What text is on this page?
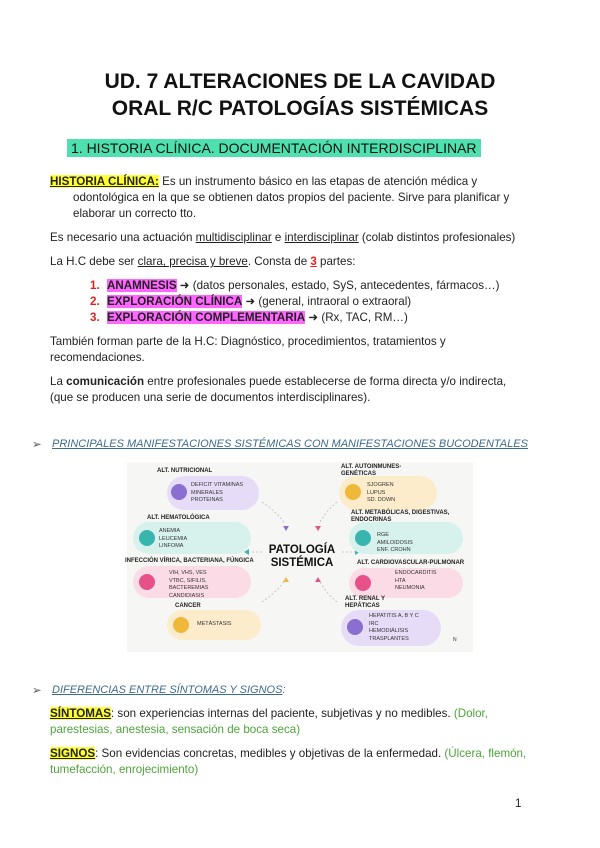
UD. 7 ALTERACIONES DE LA CAVIDAD
ORAL R/C PATOLOGÍAS SISTÉMICAS
1. HISTORIA CLÍNICA. DOCUMENTACIÓN INTERDISCIPLINAR
HISTORIA CLÍNICA: Es un instrumento básico en las etapas de atención médica y
odontológica en la que se obtienen datos propios del paciente. Sirve para planificar y
elaborar un correcto tto.
Es necesario una actuación multidisciplinar e interdisciplinar (colab distintos profesionales)
La H.C debe ser clara, precisa y breve. Consta de 3 partes:
1. ANAMNESIS ➜ (datos personales, estado, SyS, antecedentes, fármacos…)
2. EXPLORACIÓN CLÍNICA ➜ (general, intraoral o extraoral)
3. EXPLORACIÓN COMPLEMENTARIA ➜ (Rx, TAC, RM…)
También forman parte de la H.C: Diagnóstico, procedimientos, tratamientos y
recomendaciones.
La comunicación entre profesionales puede establecerse de forma directa y/o indirecta,
(que se producen una serie de documentos interdisciplinares).
➢ PRINCIPALES MANIFESTACIONES SISTÉMICAS CON MANIFESTACIONES BUCODENTALES
ALT. NUTRICIONAL
DEFICIT VITAMINAS
MINERALES
PROTEINAS
ALT. HEMATOLÓGICA
ANEMIA
LEUCEMIA
LINFOMA
INFECCIÓN VÍRICA, BACTERIANA, FÚNGICA
VIH, VHS, VES
VTBC, SIFILIS,
BACTEREMIAS
CANDIDIASIS
CANCER
METÁSTASIS
PATOLOGÍA SISTÉMICA
ALT. AUTOINMUNES- GENÉTICAS
SJOGREN
LUPUS
SD. DOWN
ALT. METABÓLICAS, DIGESTIVAS, ENDOCRINAS
RGE
AMILOIDOSIS
ENF. CROHN
ALT. CARDIOVASCULAR-PULMONAR
ENDOCARDITIS
HTA
NEUMONIA
ALT. RENAL Y HEPÁTICAS
HEPATITIS A, B Y C
IRC
HEMODIÁLISIS
TRASPLANTES	N
➢ DIFERENCIAS ENTRE SÍNTOMAS Y SIGNOS:
SÍNTOMAS: son experiencias internas del paciente, subjetivas y no medibles. (Dolor,
parestesias, anestesia, sensación de boca seca)
SIGNOS: Son evidencias concretas, medibles y objetivas de la enfermedad. (Úlcera, flemón,
tumefacción, enrojecimiento)
1
